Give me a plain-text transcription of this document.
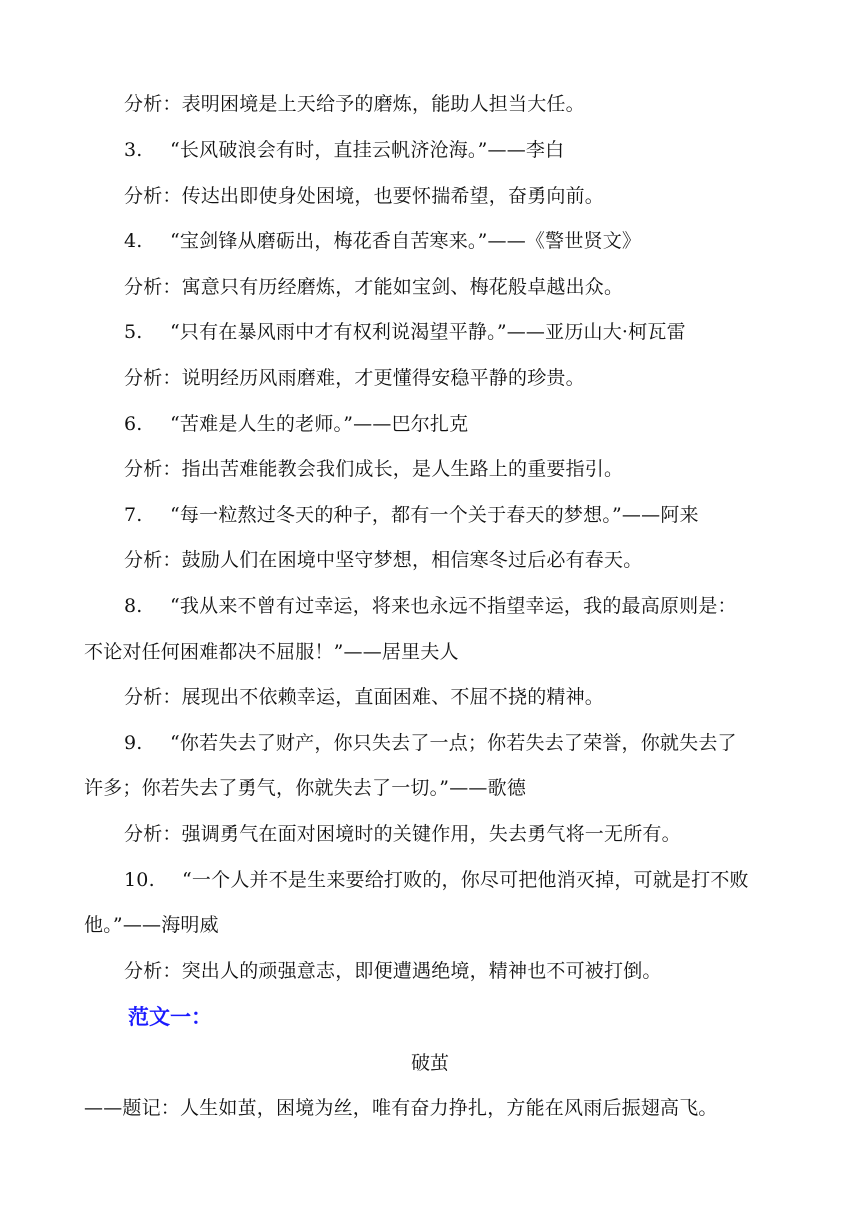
分析：表明困境是上天给予的磨炼，能助人担当大任。
3. “长风破浪会有时，直挂云帆济沧海。”——李白
分析：传达出即使身处困境，也要怀揣希望，奋勇向前。
4. “宝剑锋从磨砺出，梅花香自苦寒来。”——《警世贤文》
分析：寓意只有历经磨炼，才能如宝剑、梅花般卓越出众。
5. “只有在暴风雨中才有权利说渴望平静。”——亚历山大·柯瓦雷
分析：说明经历风雨磨难，才更懂得安稳平静的珍贵。
6. “苦难是人生的老师。”——巴尔扎克
分析：指出苦难能教会我们成长，是人生路上的重要指引。
7. “每一粒熬过冬天的种子，都有一个关于春天的梦想。”——阿来
分析：鼓励人们在困境中坚守梦想，相信寒冬过后必有春天。
8. “我从来不曾有过幸运，将来也永远不指望幸运，我的最高原则是：
不论对任何困难都决不屈服！”——居里夫人
分析：展现出不依赖幸运，直面困难、不屈不挠的精神。
9. “你若失去了财产，你只失去了一点；你若失去了荣誉，你就失去了
许多；你若失去了勇气，你就失去了一切。”——歌德
分析：强调勇气在面对困境时的关键作用，失去勇气将一无所有。
10. “一个人并不是生来要给打败的，你尽可把他消灭掉，可就是打不败
他。”——海明威
分析：突出人的顽强意志，即便遭遇绝境，精神也不可被打倒。
范文一：
破茧
——题记：人生如茧，困境为丝，唯有奋力挣扎，方能在风雨后振翅高飞。
